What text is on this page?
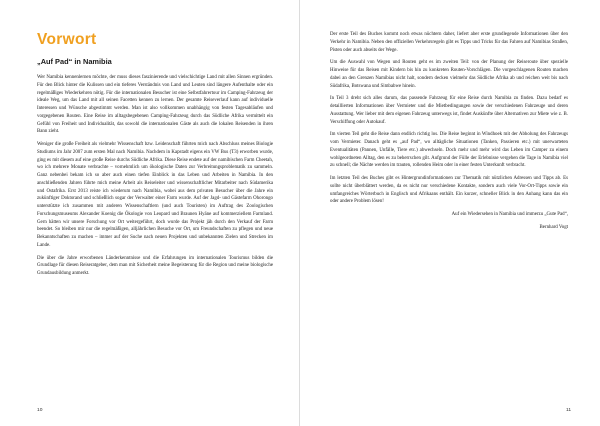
Vorwort
„Auf Pad“ in Namibia

Wer Namibia kennenlernen möchte, der muss dieses faszinierende und vielschichtige Land mit allen Sinnen ergründen. Für den Blick hinter die Kulissen und ein tieferes Verständnis von Land und Leuten sind längere Aufenthalte oder ein regelmäßiges Wiederkehren nötig. Für die internationalen Besucher ist eine Selbstfahrertour im Camping-Fahrzeug der ideale Weg, um das Land mit all seinen Facetten kennen zu lernen. Der gesamte Reiseverlauf kann auf individuelle Interessen und Wünsche abgestimmt werden. Man ist also vollkommen unabhängig von festen Tagesabläufen und vorgegebenen Routen. Eine Reise im alltagsbegebenen Camping-Fahrzeug durch das Südliche Afrika vermittelt ein Gefühl von Freiheit und Individualität, das sowohl die internationalen Gäste als auch die lokalen Reisenden in ihren Bann zieht.

Weniger die große Freiheit als vielmehr Wissenschaft bzw. Leidenschaft führten mich nach Abschluss meines Biologie Studiums im Jahr 2007 zum ersten Mal nach Namibia. Nachdem in Kapstadt eigens ein VW Bus (T3) erworben wurde, ging es mit diesem auf eine große Reise durchs Südliche Afrika. Diese Reise endete auf der namibischen Farm Cheetah, wo ich mehrere Monate verbrachte – vornehmlich um ökologische Daten zur Verbreitungsproblematik zu sammeln. Ganz nebenbei bekam ich so aber auch einen tiefen Einblick in das Leben und Arbeiten in Namibia. In den anschließenden Jahren führte mich meine Arbeit als Reiseleiter und wissenschaftlicher Mitarbeiter nach Südamerika und Ostafrika. Erst 2013 reiste ich wiederum nach Namibia, wobei aus dem privaten Besucher über die Jahre ein zukünftiger Doktorand und schließlich sogar der Verwalter einer Farm wurde. Auf der Jagd- und Gästefarm Ohorongo unterstützte ich zusammen mit anderen Wissenschaftlern (und auch Touristen) im Auftrag des Zoologischen Forschungsmuseums Alexander Koenig die Ökologie von Leopard und Braunen Hyäne auf kommerziellem Farmland. Gern hätten wir unsere Forschung vor Ort weitergeführt, doch wurde das Projekt jäh durch den Verkauf der Farm beendet. So bleiben mir nur die regelmäßigen, alljährlichen Besuche vor Ort, um Freundschaften zu pflegen und neue Bekanntschaften zu machen – immer auf der Suche nach neuen Projekten und unbekannten Zielen und Strecken im Lande.

Die über die Jahre erworbenen Länderkenntnisse und die Erfahrungen im internationalen Tourismus bilden die Grundlage für diesen Reiseratgeber, dem man mit Sicherheit meine Begeisterung für die Region und meine biologische Grundausbildung anmerkt.

10

Der erste Teil des Buches kommt noch etwas nüchtern daher, liefert aber erste grundlegende Informationen über den Verkehr in Namibia. Neben den offiziellen Verkehrsregeln gibt es Tipps und Tricks für das Fahren auf Namibias Straßen, Pisten oder auch abseits der Wege.

Um die Auswahl von Wegen und Routen geht es im zweiten Teil: von der Planung der Reiseroute über spezielle Hinweise für das Reisen mit Kindern bis hin zu konkreten Routen-Vorschlägen. Die vorgeschlagenen Routen machen dabei an den Grenzen Namibias nicht halt, sondern decken vielmehr das Südliche Afrika ab und reichen weit bis nach Südafrika, Botswana und Simbabwe hinein.

In Teil 3 dreht sich alles darum, das passende Fahrzeug für eine Reise durch Namibia zu finden. Dazu bedarf es detaillierten Informationen über Vermieter und die Mietbedingungen sowie der verschiedenen Fahrzeuge und deren Ausstattung. Wer lieber mit dem eigenen Fahrzeug unterwegs ist, findet Auskünfte über Alternativen zur Miete wie z. B. Verschiffung oder Autokauf.

Im vierten Teil geht die Reise dann endlich richtig los. Die Reise beginnt in Windhoek mit der Abholung des Fahrzeugs vom Vermieter. Danach geht es „auf Pad“, wo alltägliche Situationen (Tanken, Passieren etc.) mit unerwarteten Eventualitäten (Pannen, Unfälle, Tiere etc.) abwechseln. Doch mehr und mehr wird das Leben im Camper zu einem wohlgeordneten Alltag, den es zu beherrschen gilt. Aufgrund der Fülle der Erlebnisse vergehen die Tage in Namibia viel zu schnell; die Nächte werden im trauten, rollenden Heim oder in einer festen Unterkunft verbracht.

Im letzten Teil des Buches gibt es Hintergrundinformationen zur Thematik mit nützlichen Adressen und Tipps ab. Es sollte nicht überblättert werden, da es nicht nur verschiedene Kontakte, sondern auch viele Vor-Ort-Tipps sowie ein umfangreiches Wörterbuch in Englisch und Afrikaans enthält. Ein kurzer, schneller Blick in den Anhang kann das ein oder andere Problem lösen!

Auf ein Wiedersehen in Namibia und immerzu „Gute Pad“,

Bernhard Vogt

11
